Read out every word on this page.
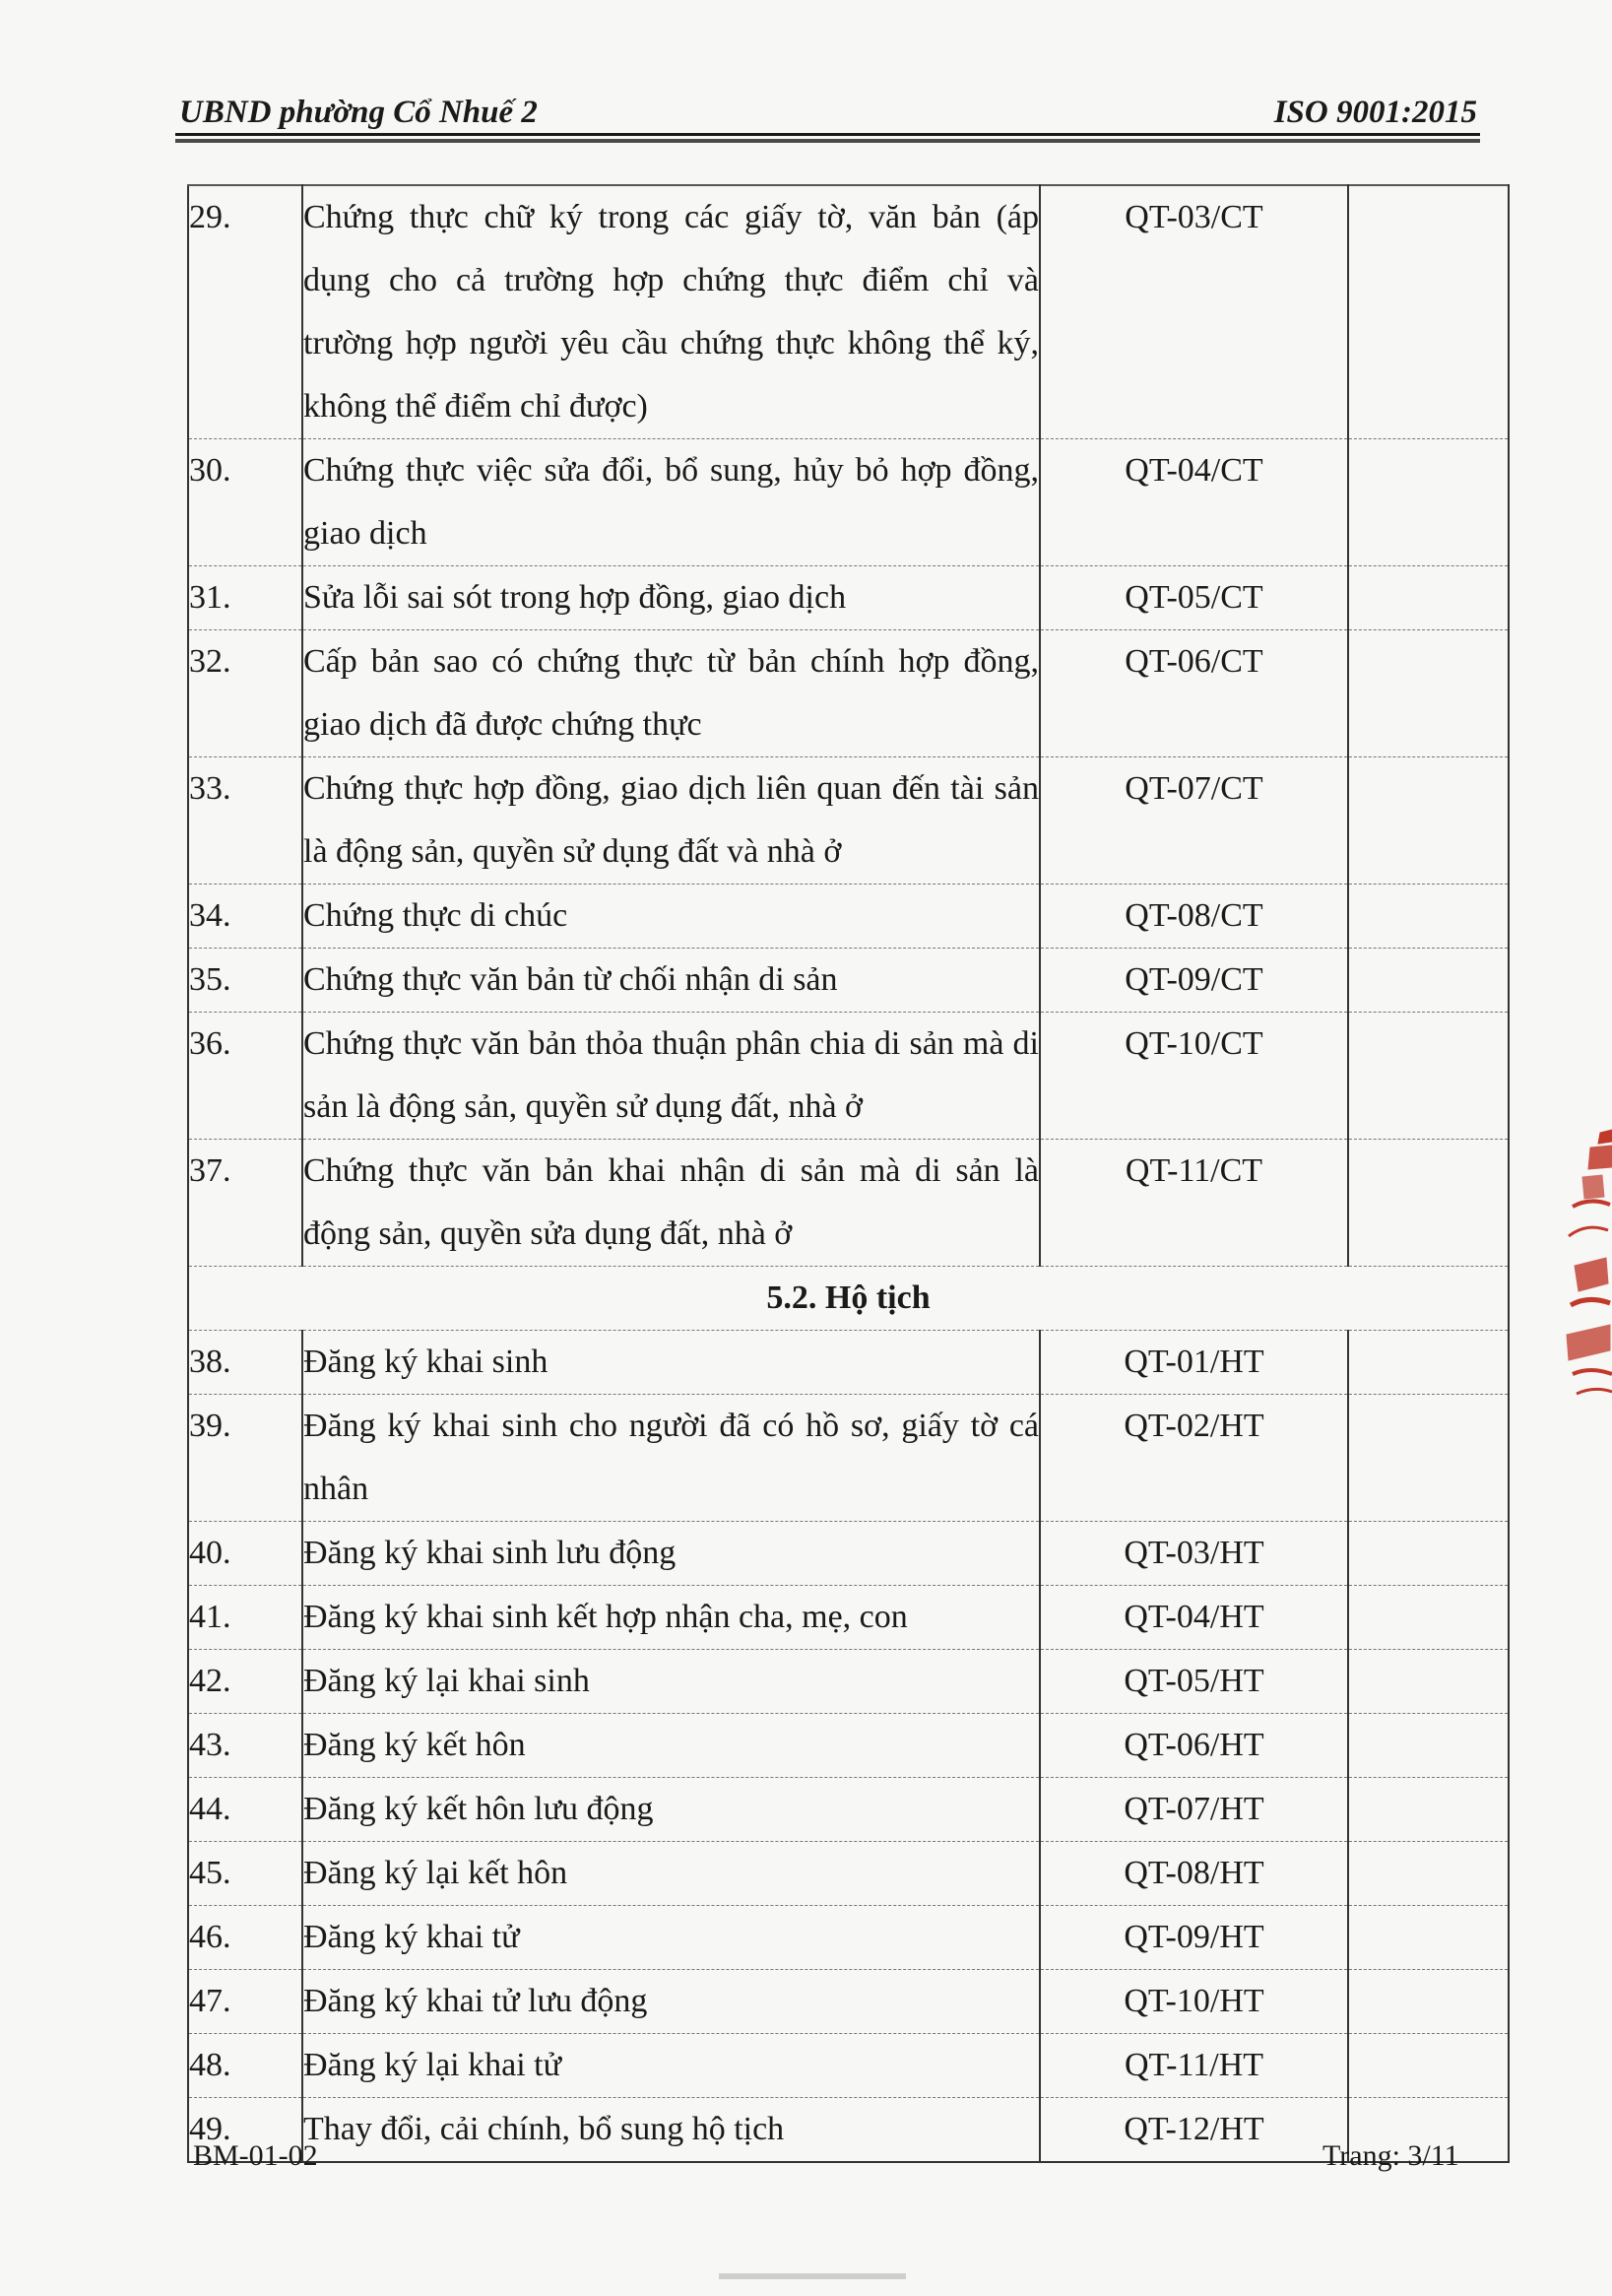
UBND phường Cổ Nhuế 2	ISO 9001:2015
29.	Chứng thực chữ ký trong các giấy tờ, văn bản (áp dụng cho cả trường hợp chứng thực điểm chỉ và trường hợp người yêu cầu chứng thực không thể ký, không thể điểm chỉ được)	QT-03/CT	
30.	Chứng thực việc sửa đổi, bổ sung, hủy bỏ hợp đồng, giao dịch	QT-04/CT	
31.	Sửa lỗi sai sót trong hợp đồng, giao dịch	QT-05/CT	
32.	Cấp bản sao có chứng thực từ bản chính hợp đồng, giao dịch đã được chứng thực	QT-06/CT	
33.	Chứng thực hợp đồng, giao dịch liên quan đến tài sản là động sản, quyền sử dụng đất và nhà ở	QT-07/CT	
34.	Chứng thực di chúc	QT-08/CT	
35.	Chứng thực văn bản từ chối nhận di sản	QT-09/CT	
36.	Chứng thực văn bản thỏa thuận phân chia di sản mà di sản là động sản, quyền sử dụng đất, nhà ở	QT-10/CT	
37.	Chứng thực văn bản khai nhận di sản mà di sản là động sản, quyền sửa dụng đất, nhà ở	QT-11/CT	
5.2. Hộ tịch			
38.	Đăng ký khai sinh	QT-01/HT	
39.	Đăng ký khai sinh cho người đã có hồ sơ, giấy tờ cá nhân	QT-02/HT	
40.	Đăng ký khai sinh lưu động	QT-03/HT	
41.	Đăng ký khai sinh kết hợp nhận cha, mẹ, con	QT-04/HT	
42.	Đăng ký lại khai sinh	QT-05/HT	
43.	Đăng ký kết hôn	QT-06/HT	
44.	Đăng ký kết hôn lưu động	QT-07/HT	
45.	Đăng ký lại kết hôn	QT-08/HT	
46.	Đăng ký khai tử	QT-09/HT	
47.	Đăng ký khai tử lưu động	QT-10/HT	
48.	Đăng ký lại khai tử	QT-11/HT	
49.	Thay đổi, cải chính, bổ sung hộ tịch	QT-12/HT	
BM-01-02	Trang: 3/11
